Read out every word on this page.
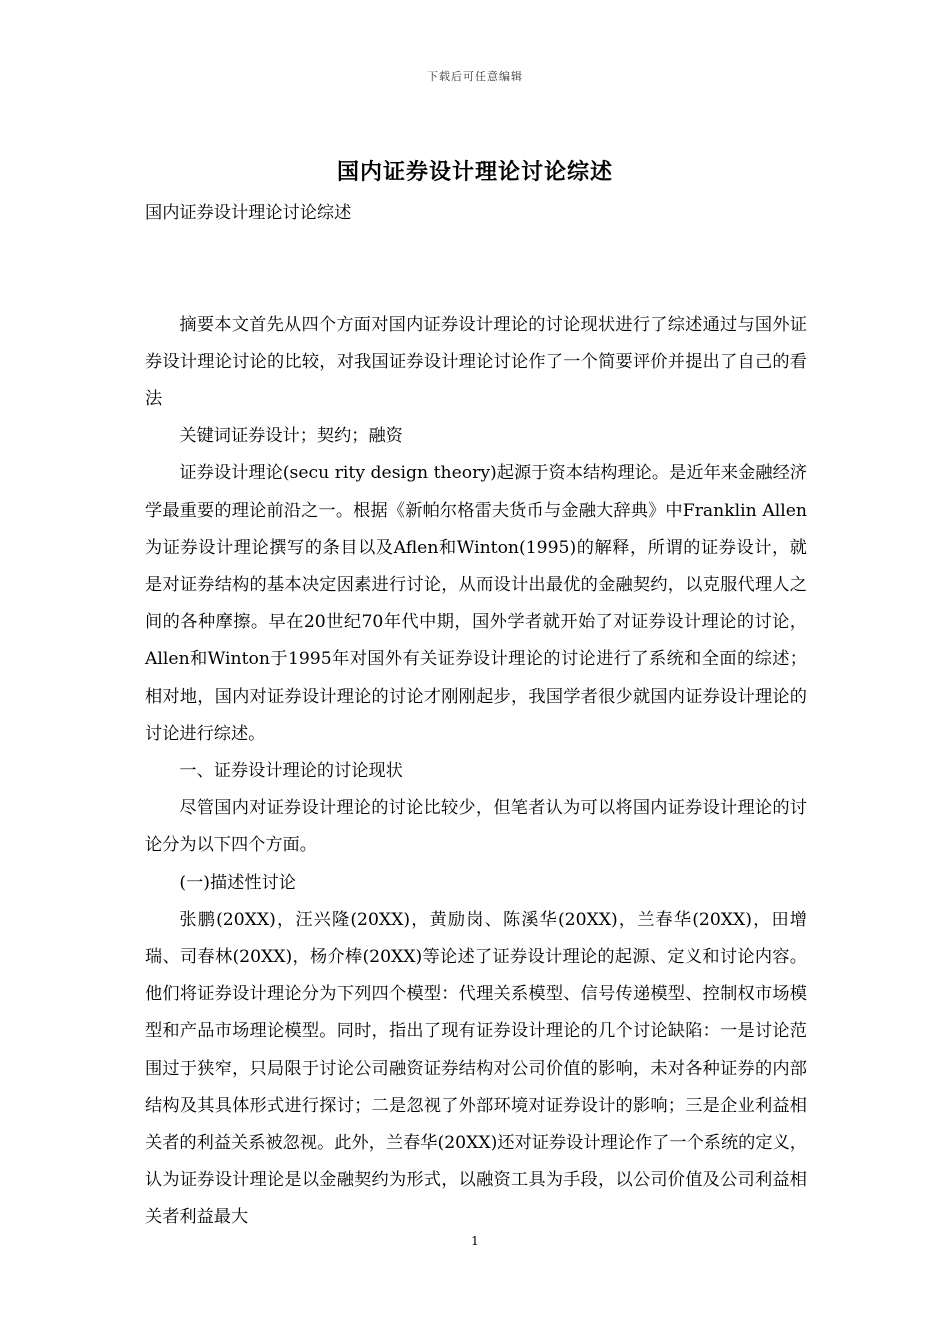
下载后可任意编辑
国内证券设计理论讨论综述

国内证券设计理论讨论综述

摘要本文首先从四个方面对国内证券设计理论的讨论现状进行了综述通过与国外证券设计理论讨论的比较，对我国证券设计理论讨论作了一个简要评价并提出了自己的看法

关键词证券设计；契约；融资

证券设计理论(secu rity design theory)起源于资本结构理论。是近年来金融经济学最重要的理论前沿之一。根据《新帕尔格雷夫货币与金融大辞典》中Franklin Allen为证券设计理论撰写的条目以及Aflen和Winton(1995)的解释，所谓的证券设计，就是对证券结构的基本决定因素进行讨论，从而设计出最优的金融契约，以克服代理人之间的各种摩擦。早在20世纪70年代中期，国外学者就开始了对证券设计理论的讨论，Allen和Winton于1995年对国外有关证券设计理论的讨论进行了系统和全面的综述；相对地，国内对证券设计理论的讨论才刚刚起步，我国学者很少就国内证券设计理论的讨论进行综述。

一、证券设计理论的讨论现状

尽管国内对证券设计理论的讨论比较少，但笔者认为可以将国内证券设计理论的讨论分为以下四个方面。

(一)描述性讨论

张鹏(20XX)，汪兴隆(20XX)，黄励岗、陈溪华(20XX)，兰春华(20XX)，田增瑞、司春林(20XX)，杨介棒(20XX)等论述了证券设计理论的起源、定义和讨论内容。他们将证券设计理论分为下列四个模型：代理关系模型、信号传递模型、控制权市场模型和产品市场理论模型。同时，指出了现有证券设计理论的几个讨论缺陷：一是讨论范围过于狭窄，只局限于讨论公司融资证券结构对公司价值的影响，未对各种证券的内部结构及其具体形式进行探讨；二是忽视了外部环境对证券设计的影响；三是企业利益相关者的利益关系被忽视。此外，兰春华(20XX)还对证券设计理论作了一个系统的定义，认为证券设计理论是以金融契约为形式，以融资工具为手段，以公司价值及公司利益相关者利益最大

1
